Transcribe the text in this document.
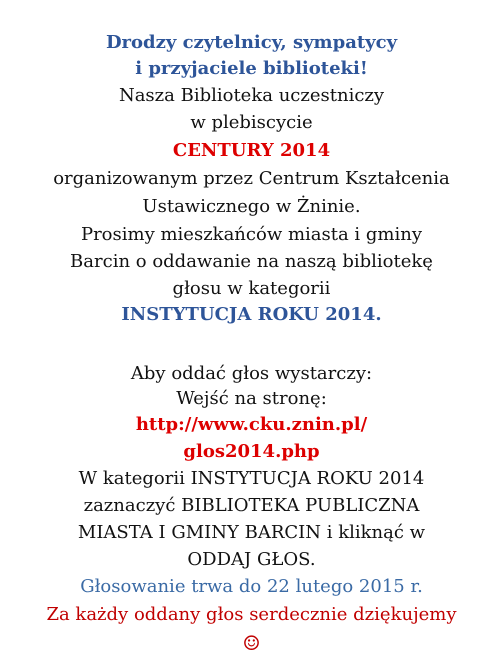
Drodzy czytelnicy, sympatycy
i przyjaciele biblioteki!
Nasza Biblioteka uczestniczy
w plebiscycie
CENTURY 2014
organizowanym przez Centrum Kształcenia
Ustawicznego w Żninie.
Prosimy mieszkańców miasta i gminy
Barcin o oddawanie na naszą bibliotekę
głosu w kategorii
INSTYTUCJA ROKU 2014.
Aby oddać głos wystarczy:
Wejść na stronę:
http://www.cku.znin.pl/
glos2014.php
W kategorii INSTYTUCJA ROKU 2014
zaznaczyć BIBLIOTEKA PUBLICZNA
MIASTA I GMINY BARCIN i kliknąć w
ODDAJ GŁOS.
Głosowanie trwa do 22 lutego 2015 r.
Za każdy oddany głos serdecznie dziękujemy
☺
